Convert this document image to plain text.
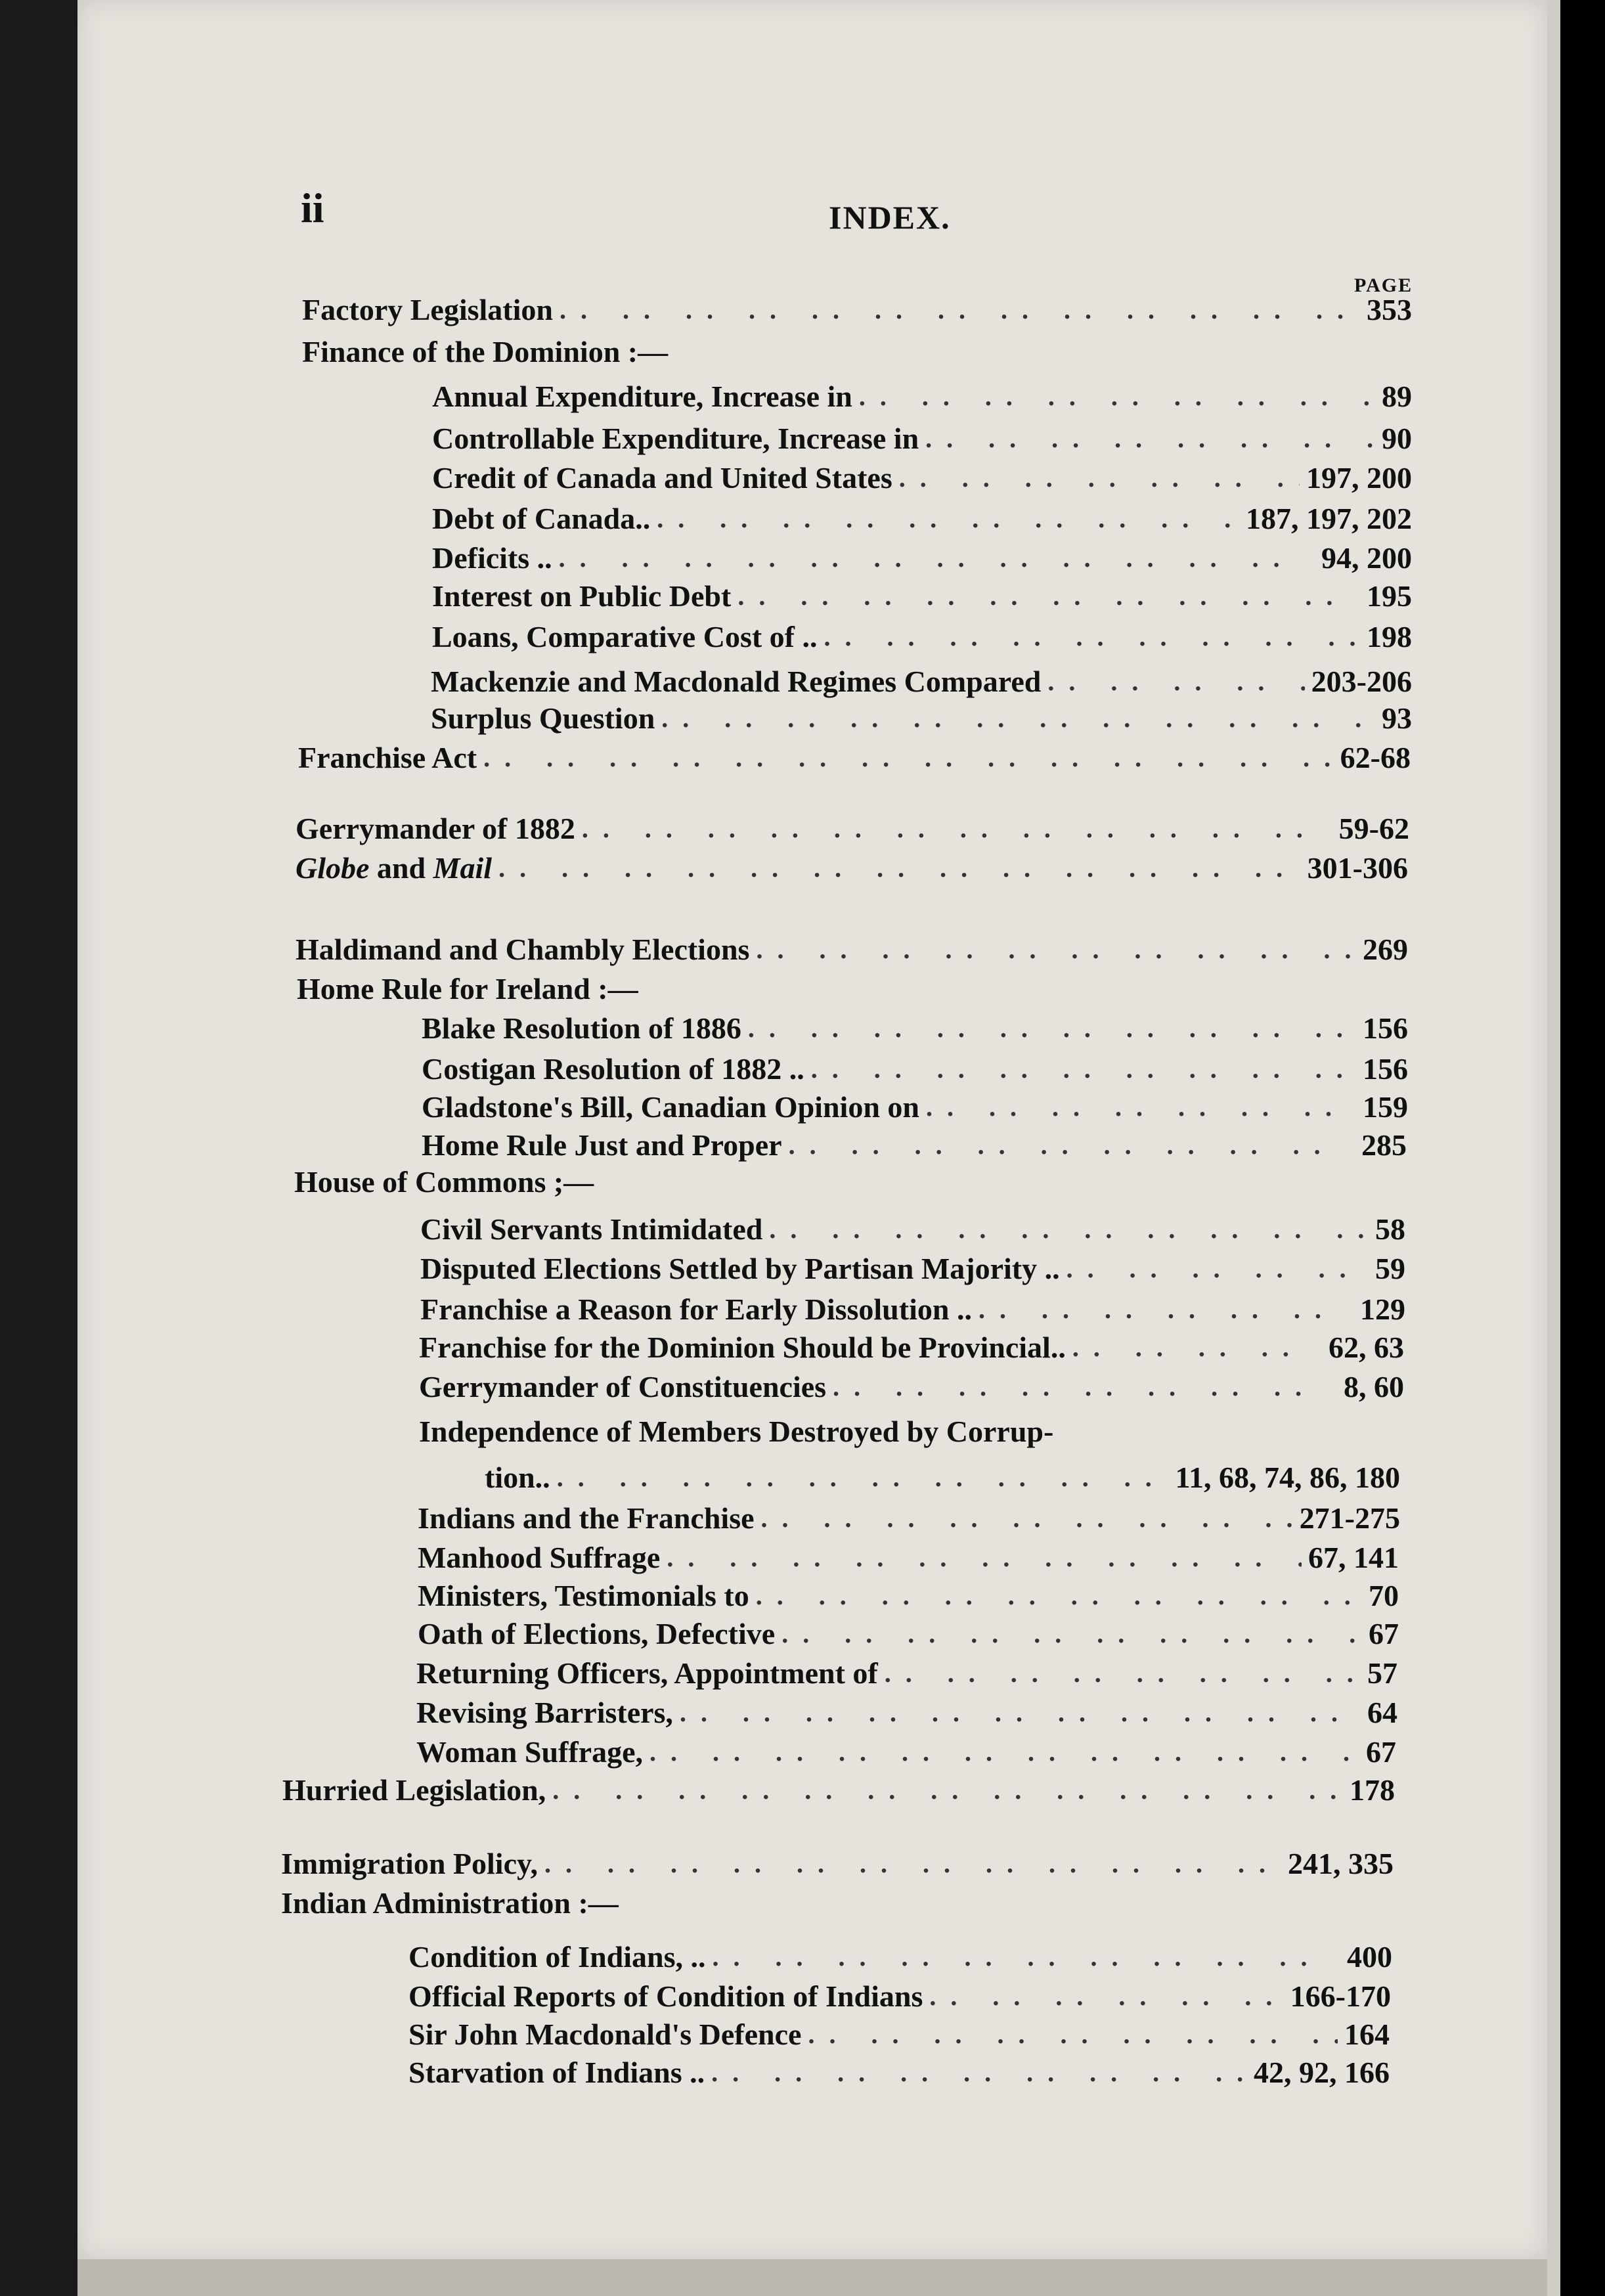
ii	INDEX.
PAGE
Factory Legislation .. ..	353
Finance of the Dominion :—
Annual Expenditure, Increase in .. ..	89
Controllable Expenditure, Increase in .. ..	90
Credit of Canada and United States .. ..	197, 200
Debt of Canada.. .. ..	187, 197, 202
Deficits .. .. ..	94, 200
Interest on Public Debt .. ..	195
Loans, Comparative Cost of .. .. ..	198
Mackenzie and Macdonald Regimes Compared .. ..	203-206
Surplus Question .. ..	93
Franchise Act .. ..	62-68
Gerrymander of 1882 .. ..	59-62
Globe and Mail .. ..	301-306
Haldimand and Chambly Elections .. ..	269
Home Rule for Ireland :—
Blake Resolution of 1886 .. ..	156
Costigan Resolution of 1882 .. .. ..	156
Gladstone's Bill, Canadian Opinion on .. ..	159
Home Rule Just and Proper .. ..	285
House of Commons ;—
Civil Servants Intimidated .. ..	58
Disputed Elections Settled by Partisan Majority .. .. ..	59
Franchise a Reason for Early Dissolution .. .. ..	129
Franchise for the Dominion Should be Provincial.. .. ..	62, 63
Gerrymander of Constituencies .. ..	8, 60
Independence of Members Destroyed by Corrup-
tion.. .. ..	11, 68, 74, 86, 180
Indians and the Franchise .. ..	271-275
Manhood Suffrage .. ..	67, 141
Ministers, Testimonials to .. ..	70
Oath of Elections, Defective .. ..	67
Returning Officers, Appointment of .. ..	57
Revising Barristers, .. ..	64
Woman Suffrage, .. ..	67
Hurried Legislation, .. ..	178
Immigration Policy, .. ..	241, 335
Indian Administration :—
Condition of Indians, .. .. ..	400
Official Reports of Condition of Indians .. ..	166-170
Sir John Macdonald's Defence .. ..	164
Starvation of Indians .. .. ..	42, 92, 166
